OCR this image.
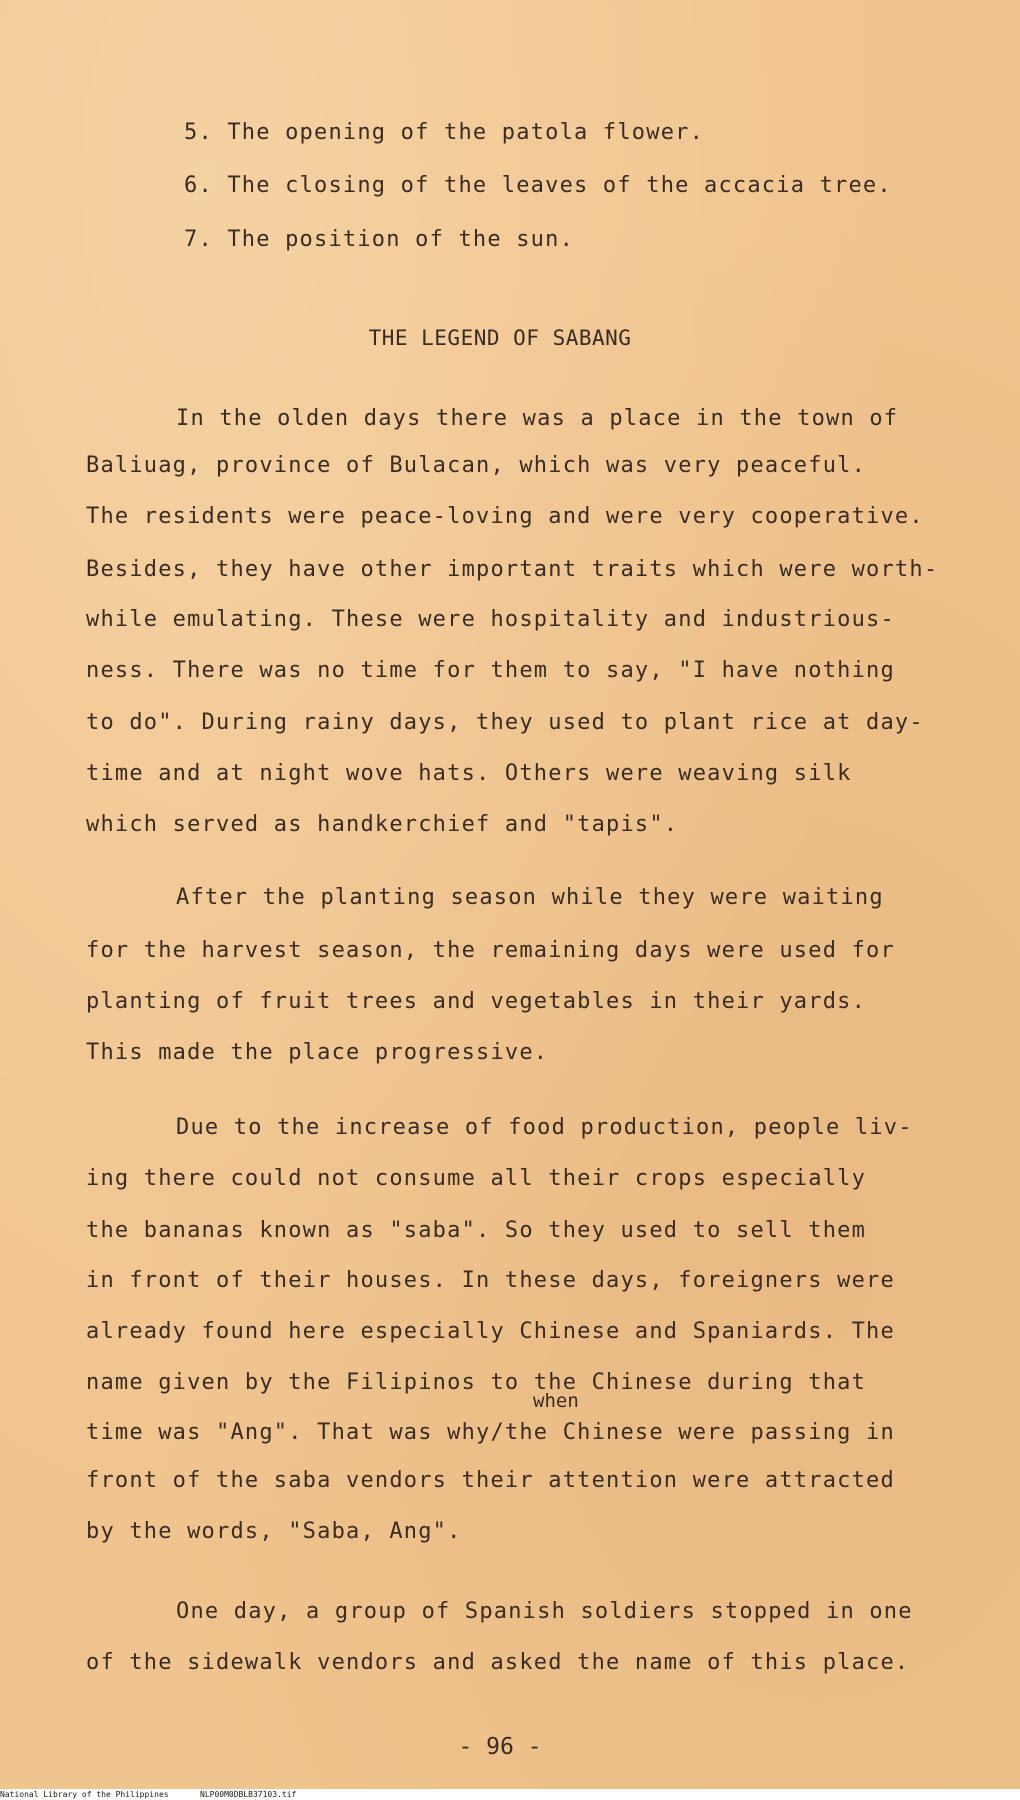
5. The opening of the patola flower.
6. The closing of the leaves of the accacia tree.
7. The position of the sun.
THE LEGEND OF SABANG
In the olden days there was a place in the town of
Baliuag, province of Bulacan, which was very peaceful.
The residents were peace-loving and were very cooperative.
Besides, they have other important traits which were worth-
while emulating. These were hospitality and industrious-
ness. There was no time for them to say, "I have nothing
to do". During rainy days, they used to plant rice at day-
time and at night wove hats. Others were weaving silk
which served as handkerchief and "tapis".
After the planting season while they were waiting
for the harvest season, the remaining days were used for
planting of fruit trees and vegetables in their yards.
This made the place progressive.
Due to the increase of food production, people liv-
ing there could not consume all their crops especially
the bananas known as "saba". So they used to sell them
in front of their houses. In these days, foreigners were
already found here especially Chinese and Spaniards. The
name given by the Filipinos to the Chinese during that
when
time was "Ang". That was why/the Chinese were passing in
front of the saba vendors their attention were attracted
by the words, "Saba, Ang".
One day, a group of Spanish soldiers stopped in one
of the sidewalk vendors and asked the name of this place.
- 96 -
National Library of the Philippines	NLP00M0DBLB37103.tif
